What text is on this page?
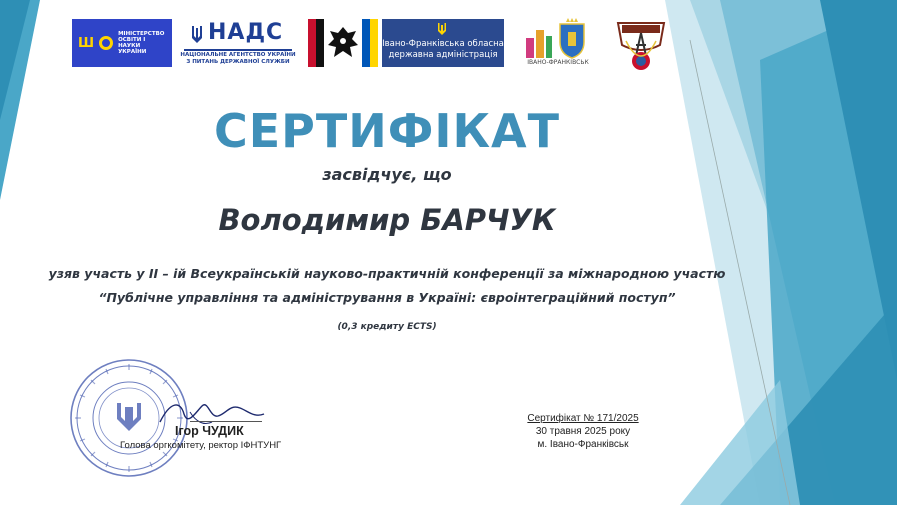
Ш
МІНІСТЕРСТВО ОСВІТИ І НАУКИ УКРАЇНИ
НАДС
НАЦІОНАЛЬНЕ АГЕНТСТВО УКРАЇНИ З ПИТАНЬ ДЕРЖАВНОЇ СЛУЖБИ
Івано-Франківська обласна державна адміністрація
ІВАНО-ФРАНКІВСЬК
СЕРТИФІКАТ
засвідчує, що
Володимир БАРЧУК
узяв участь у ІІ – ій Всеукраїнській науково-практичній конференції за міжнародною участю
“Публічне управління та адміністрування в Україні: євроінтеграційний поступ”
(0,3 кредиту ECTS)
Ігор ЧУДИК
Голова оргкомітету, ректор ІФНТУНГ
Сертифікат № 171/2025
30 травня 2025 року
м. Івано-Франківськ
